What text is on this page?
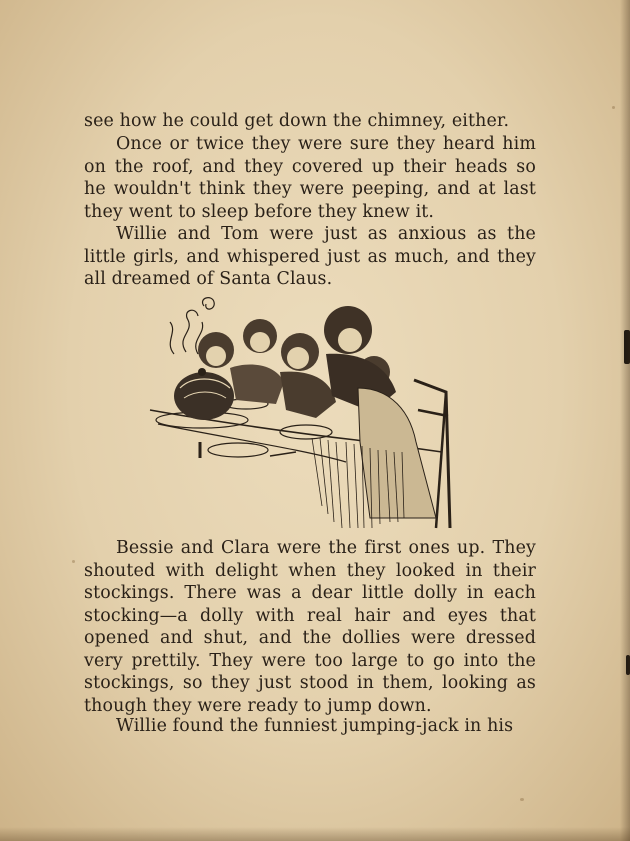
see how he could get down the chimney, either.

Once or twice they were sure they heard him on the roof, and they covered up their heads so he wouldn't think they were peeping, and at last they went to sleep before they knew it.

Willie and Tom were just as anxious as the little girls, and whispered just as much, and they all dreamed of Santa Claus.

Bessie and Clara were the first ones up. They shouted with delight when they looked in their stockings. There was a dear little dolly in each stocking—a dolly with real hair and eyes that opened and shut, and the dollies were dressed very prettily. They were too large to go into the stockings, so they just stood in them, looking as though they were ready to jump down.

Willie found the funniest jumping-jack in his
